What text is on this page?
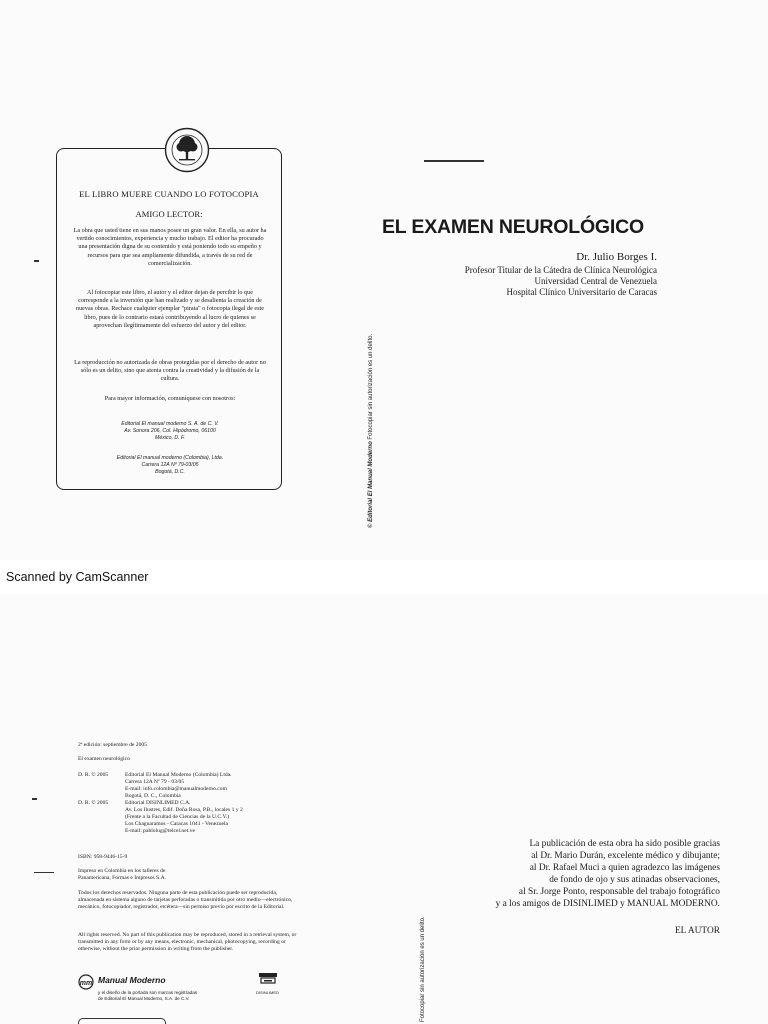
EL LIBRO MUERE CUANDO LO FOTOCOPIA
AMIGO LECTOR:
La obra que usted tiene en sus manos posee un gran valor. En ella, su autor ha vertido conocimientos, experiencia y mucho trabajo. El editor ha procurado una presentación digna de su contenido y está poniendo todo su empeño y recursos para que sea ampliamente difundida, a través de su red de comercialización.
Al fotocopiar este libro, el autor y el editor dejan de percibir lo que corresponde a la inversión que han realizado y se desalienta la creación de nuevas obras. Rechace cualquier ejemplar "pirata" o fotocopia ilegal de este libro, pues de lo contrario estará contribuyendo al lucro de quienes se aprovechan ilegítimamente del esfuerzo del autor y del editor.
La reproducción no autorizada de obras protegidas por el derecho de autor no sólo es un delito, sino que atenta contra la creatividad y la difusión de la cultura.
Para mayor información, comuníquese con nosotros:
Editorial El manual moderno S. A. de C. V.
Av. Sonora 206, Col. Hipódromo, 06100
México, D. F.
Editorial El manual moderno (Colombia), Ltda.
Carrera 12A Nº 79-03/05
Bogotá, D.C.	© Editorial El Manual Moderno Fotocopiar sin autorización es un delito.
EL EXAMEN NEUROLÓGICO
Dr. Julio Borges I.
Profesor Titular de la Cátedra de Clínica Neurológica
Universidad Central de Venezuela
Hospital Clínico Universitario de Caracas
Scanned by CamScanner
2ª edición: septiembre de 2005
El examen neurológico
D. R. © 2005	Editorial El Manual Moderno (Colombia) Ltda.
Carrera 12A Nº 79 - 03/05
E-mail: info.colombia@manualmoderno.com
Bogotá, D. C., Colombia
D. R. © 2005	Editorial DISINLIMED C.A.
Av. Los Ilustres, Edif. Doña Rosa, P.B., locales 1 y 2
(Frente a la Facultad de Ciencias de la U.C.V.)
Los Chaguaramos - Caracas 1041 - Venezuela
E-mail: pablolug@telcel.net.ve
ISBN: 958-9446-15-9
Impreso en Colombia en los talleres de
Panamericana, Formas e Impresos S.A.
Todos los derechos reservados. Ninguna parte de esta publicación puede ser reproducida, almacenada en sistema alguno de tarjetas perforadas o transmitida por otro medio—electrónico, mecánico, fotocopiador, registrador, etcétera—sin permiso previo por escrito de la Editorial.
All rights reserved. No part of this publication may be reproduced, stored in a retrieval system, or transmitted in any form or by any means, electronic, mechanical, photocopying, recording or otherwise, without the prior permission in writing from the publisher.
mm Manual Moderno
y el diseño de la portada son marcas registradas
de Editorial El Manual Moderno, S.A. de C.V.
DISINLIMED	Fotocopiar sin autorización es un delito.
La publicación de esta obra ha sido posible gracias
al Dr. Mario Durán, excelente médico y dibujante;
al Dr. Rafael Muci a quien agradezco las imágenes
de fondo de ojo y sus atinadas observaciones,
al Sr. Jorge Ponto, responsable del trabajo fotográfico
y a los amigos de DISINLIMED y MANUAL MODERNO.
EL AUTOR
